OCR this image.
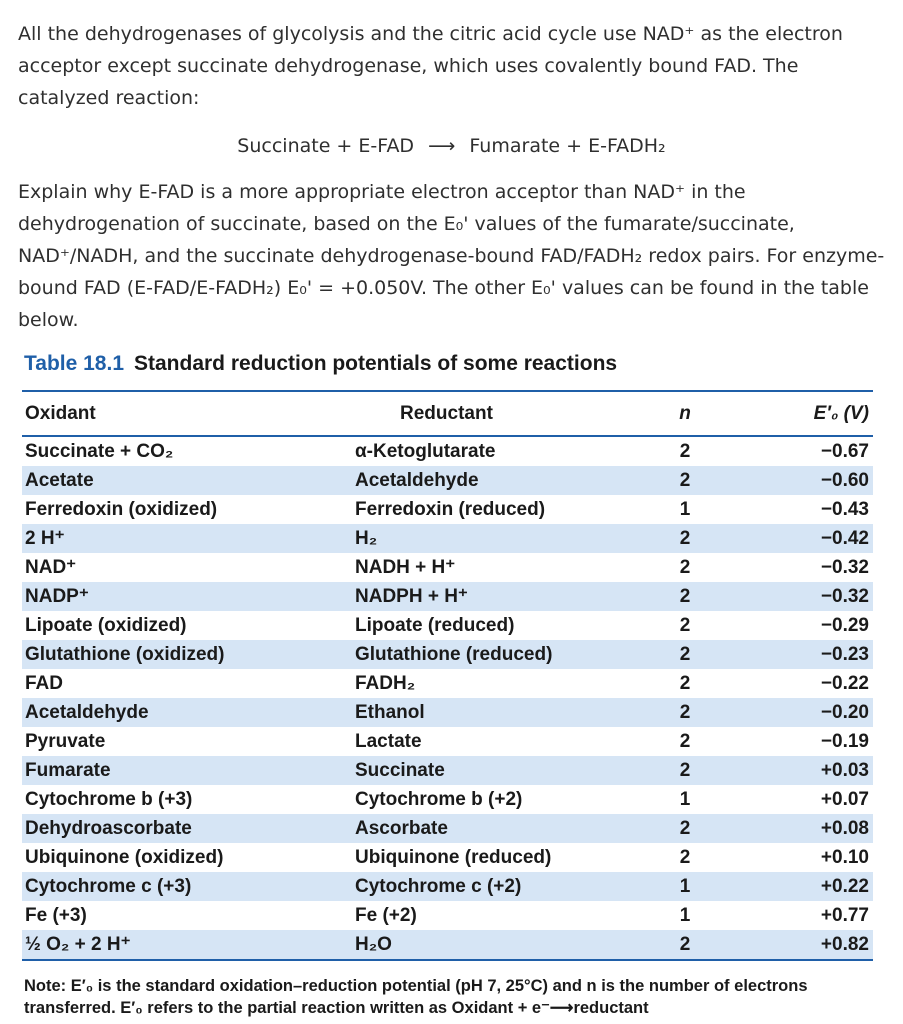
All the dehydrogenases of glycolysis and the citric acid cycle use NAD⁺ as the electron acceptor except succinate dehydrogenase, which uses covalently bound FAD. The catalyzed reaction:

Succinate + E-FAD ⟶ Fumarate + E-FADH₂

Explain why E-FAD is a more appropriate electron acceptor than NAD⁺ in the dehydrogenation of succinate, based on the E₀' values of the fumarate/succinate, NAD⁺/NADH, and the succinate dehydrogenase-bound FAD/FADH₂ redox pairs. For enzyme-bound FAD (E-FAD/E-FADH₂) E₀' = +0.050V. The other E₀' values can be found in the table below.

Table 18.1 Standard reduction potentials of some reactions
Oxidant	Reductant	n	E′₀ (V)
Succinate + CO₂	α-Ketoglutarate	2	−0.67
Acetate	Acetaldehyde	2	−0.60
Ferredoxin (oxidized)	Ferredoxin (reduced)	1	−0.43
2 H⁺	H₂	2	−0.42
NAD⁺	NADH + H⁺	2	−0.32
NADP⁺	NADPH + H⁺	2	−0.32
Lipoate (oxidized)	Lipoate (reduced)	2	−0.29
Glutathione (oxidized)	Glutathione (reduced)	2	−0.23
FAD	FADH₂	2	−0.22
Acetaldehyde	Ethanol	2	−0.20
Pyruvate	Lactate	2	−0.19
Fumarate	Succinate	2	+0.03
Cytochrome b (+3)	Cytochrome b (+2)	1	+0.07
Dehydroascorbate	Ascorbate	2	+0.08
Ubiquinone (oxidized)	Ubiquinone (reduced)	2	+0.10
Cytochrome c (+3)	Cytochrome c (+2)	1	+0.22
Fe (+3)	Fe (+2)	1	+0.77
½ O₂ + 2 H⁺	H₂O	2	+0.82
Note: E′₀ is the standard oxidation–reduction potential (pH 7, 25°C) and n is the number of electrons transferred. E′₀ refers to the partial reaction written as Oxidant + e⁻⟶reductant
